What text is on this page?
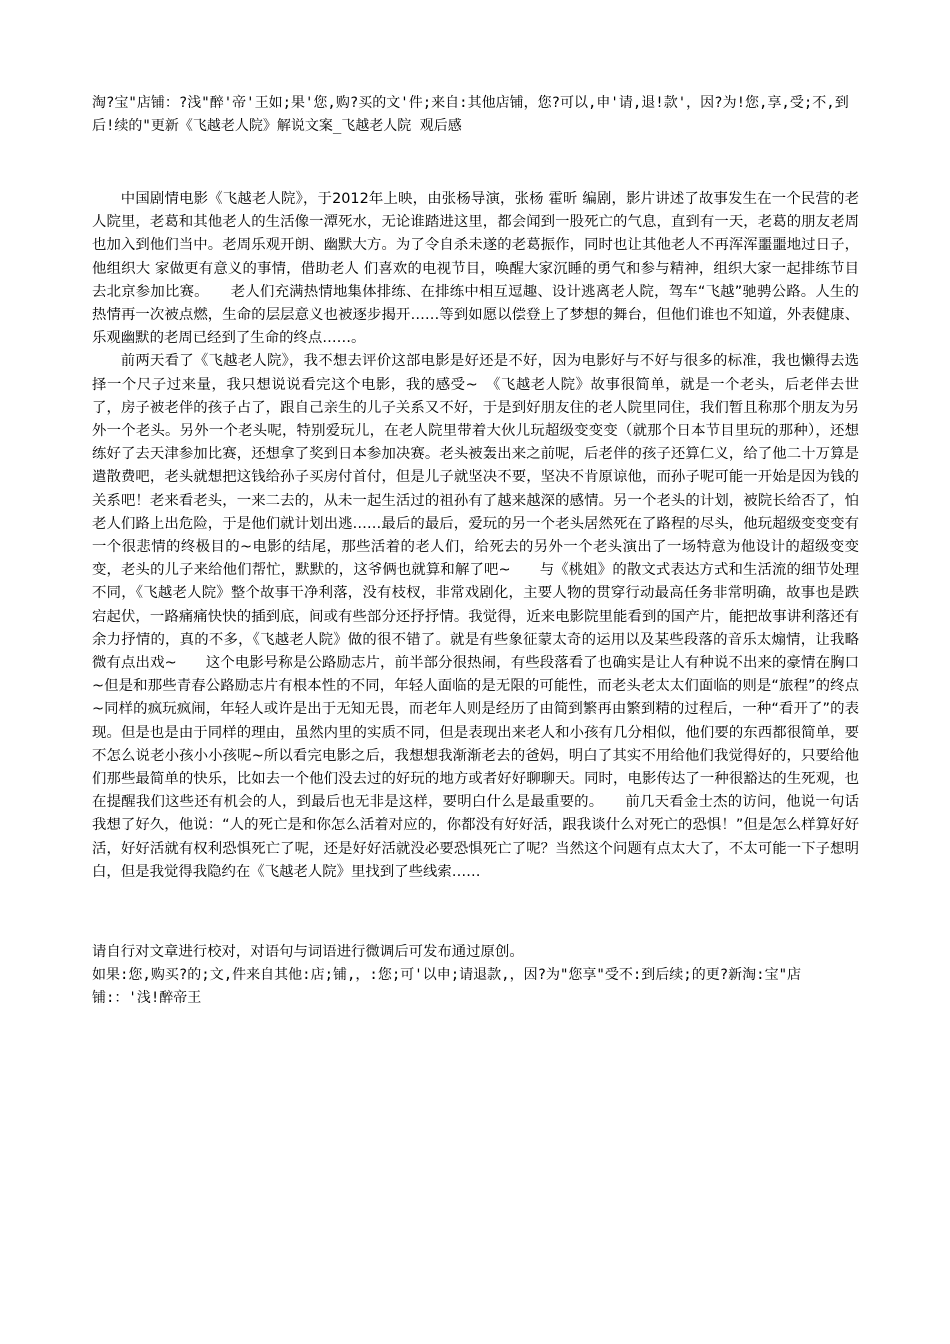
淘?宝"店铺：?浅"醉'帝'王如;果'您,购?买的文'件;来自:其他店铺，您?可以,申'请,退!款'，因?为!您,享,受;不,到后!续的"更新《飞越老人院》解说文案_飞越老人院 观后感

中国剧情电影《飞越老人院》，于2012年上映，由张杨导演，张杨 霍昕 编剧，影片讲述了故事发生在一个民营的老人院里，老葛和其他老人的生活像一潭死水，无论谁踏进这里，都会闻到一股死亡的气息，直到有一天，老葛的朋友老周也加入到他们当中。老周乐观开朗、幽默大方。为了令自杀未遂的老葛振作，同时也让其他老人不再浑浑噩噩地过日子，他组织大 家做更有意义的事情，借助老人 们喜欢的电视节目，唤醒大家沉睡的勇气和参与精神，组织大家一起排练节目去北京参加比赛。　　老人们充满热情地集体排练、在排练中相互逗趣、设计逃离老人院，驾车“飞越”驰骋公路。人生的热情再一次被点燃，生命的层层意义也被逐步揭开……等到如愿以偿登上了梦想的舞台，但他们谁也不知道，外表健康、乐观幽默的老周已经到了生命的终点……。

前两天看了《飞越老人院》，我不想去评价这部电影是好还是不好，因为电影好与不好与很多的标准，我也懒得去选择一个尺子过来量，我只想说说看完这个电影，我的感受~　《飞越老人院》故事很简单，就是一个老头，后老伴去世了，房子被老伴的孩子占了，跟自己亲生的儿子关系又不好，于是到好朋友住的老人院里同住，我们暂且称那个朋友为另外一个老头。另外一个老头呢，特别爱玩儿，在老人院里带着大伙儿玩超级变变变（就那个日本节目里玩的那种），还想练好了去天津参加比赛，还想拿了奖到日本参加决赛。老头被轰出来之前呢，后老伴的孩子还算仁义，给了他二十万算是遣散费吧，老头就想把这钱给孙子买房付首付，但是儿子就坚决不要，坚决不肯原谅他，而孙子呢可能一开始是因为钱的关系吧！老来看老头，一来二去的，从未一起生活过的祖孙有了越来越深的感情。另一个老头的计划，被院长给否了，怕老人们路上出危险，于是他们就计划出逃……最后的最后，爱玩的另一个老头居然死在了路程的尽头，他玩超级变变变有一个很悲情的终极目的~电影的结尾，那些活着的老人们，给死去的另外一个老头演出了一场特意为他设计的超级变变变，老头的儿子来给他们帮忙，默默的，这爷俩也就算和解了吧~　　与《桃姐》的散文式表达方式和生活流的细节处理不同，《飞越老人院》整个故事干净利落，没有枝杈，非常戏剧化，主要人物的贯穿行动最高任务非常明确，故事也是跌宕起伏，一路痛痛快快的插到底，间或有些部分还抒抒情。我觉得，近来电影院里能看到的国产片，能把故事讲利落还有余力抒情的，真的不多，《飞越老人院》做的很不错了。就是有些象征蒙太奇的运用以及某些段落的音乐太煽情，让我略微有点出戏~　　这个电影号称是公路励志片，前半部分很热闹，有些段落看了也确实是让人有种说不出来的豪情在胸口~但是和那些青春公路励志片有根本性的不同，年轻人面临的是无限的可能性，而老头老太太们面临的则是“旅程”的终点~同样的疯玩疯闹，年轻人或许是出于无知无畏，而老年人则是经历了由简到繁再由繁到精的过程后，一种“看开了”的表现。但是也是由于同样的理由，虽然内里的实质不同，但是表现出来老人和小孩有几分相似，他们要的东西都很简单，要不怎么说老小孩小小孩呢~所以看完电影之后，我想想我渐渐老去的爸妈，明白了其实不用给他们我觉得好的，只要给他们那些最简单的快乐，比如去一个他们没去过的好玩的地方或者好好聊聊天。同时，电影传达了一种很豁达的生死观，也在提醒我们这些还有机会的人，到最后也无非是这样，要明白什么是最重要的。　　前几天看金士杰的访问，他说一句话我想了好久，他说：“人的死亡是和你怎么活着对应的，你都没有好好活，跟我谈什么对死亡的恐惧！”但是怎么样算好好活，好好活就有权利恐惧死亡了呢，还是好好活就没必要恐惧死亡了呢？当然这个问题有点太大了，不太可能一下子想明白，但是我觉得我隐约在《飞越老人院》里找到了些线索……

请自行对文章进行校对，对语句与词语进行微调后可发布通过原创。

如果:您,购买?的;文,件来自其他:店;铺,，:您;可'以申;请退款,，因?为"您享"受不:到后续;的更?新淘:宝"店铺:：'浅!醉帝王
